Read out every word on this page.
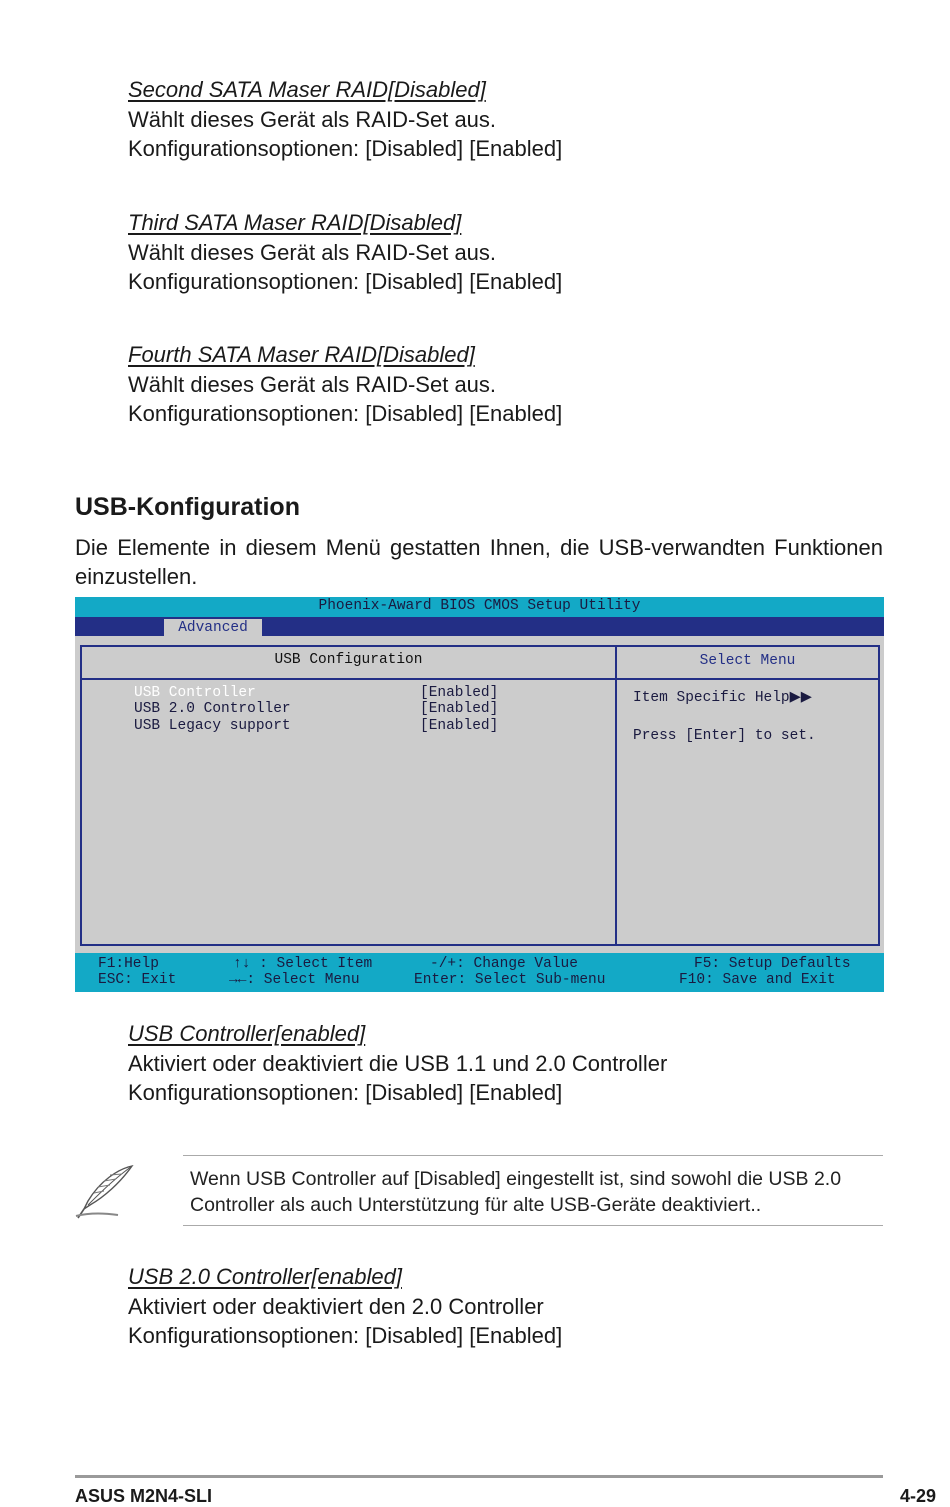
Second SATA Maser RAID[Disabled]
Wählt dieses Gerät als RAID-Set aus.
Konfigurationsoptionen: [Disabled] [Enabled]
Third SATA Maser RAID[Disabled]
Wählt dieses Gerät als RAID-Set aus.
Konfigurationsoptionen: [Disabled] [Enabled]
Fourth SATA Maser RAID[Disabled]
Wählt dieses Gerät als RAID-Set aus.
Konfigurationsoptionen: [Disabled] [Enabled]
USB-Konfiguration
Die Elemente in diesem Menü gestatten Ihnen, die USB-verwandten Funktionen einzustellen.
Phoenix-Award BIOS CMOS Setup Utility
Advanced
USB Configuration
USB Controller	[Enabled]
USB 2.0 Controller	[Enabled]
USB Legacy support	[Enabled]
Select Menu
Item Specific Help▶▶
Press [Enter] to set.
F1:Help
ESC: Exit
↑↓ : Select Item
→←: Select Menu
-/+: Change Value
Enter: Select Sub-menu
F5: Setup Defaults
F10: Save and Exit
USB Controller[enabled]
Aktiviert oder deaktiviert die USB 1.1 und 2.0 Controller
Konfigurationsoptionen: [Disabled] [Enabled]
Wenn USB Controller auf [Disabled] eingestellt ist, sind sowohl die USB 2.0
Controller als auch Unterstützung für alte USB-Geräte deaktiviert..
USB 2.0 Controller[enabled]
Aktiviert oder deaktiviert den 2.0 Controller
Konfigurationsoptionen: [Disabled] [Enabled]
ASUS M2N4-SLI	4-29
